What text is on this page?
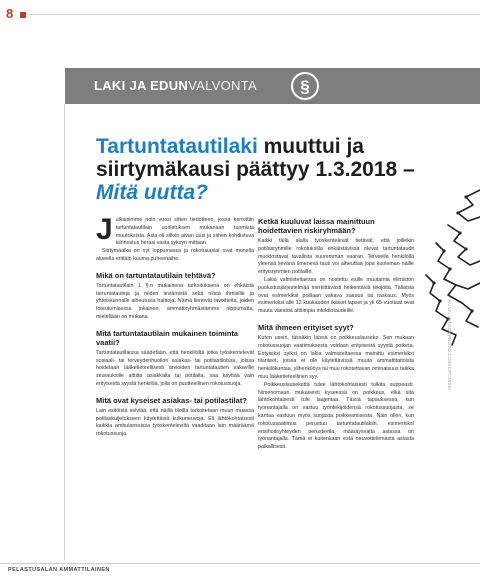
8
LAKI JA EDUNVALVONTA	§
Tartuntatautilaki muuttui ja siirtymäkausi päättyy 1.3.2018 – Mitä uutta?

Julkaisimme noin vuosi sitten tiedotteen, jossa kerrottiin tartuntatautilain uudistuksen mukanaan tuomista muutoksista. Asia oli silloin aivan uusi ja siihen kohdistuva kiinnostus herasi vasta syksyn mittaan.

Siirtymäaika on nyt loppumassa ja rokotusasiat ovat monella alueella erittäin kuuma puheenaihe.

Mikä on tartuntatautilain tehtävä?

Tartuntatautilain 1 §:n mukaisena tarkoituksena on ehkäistä tartuntatauteja ja niiden leviämistä sekä niistä ihmisille ja yhteiskunnalle aiheutuvia haittoja. Nämä lienevät tavoitteita, joiden toteutumisessa jokainen, ammattiryhmästämme riippumatta, mielellään on mukana.

Mitä tartuntatautilain mukainen toiminta vaatii?

Tartuntatautilaissa säädetään, että henkilöiltä jotka työskentelevät sosiaali- tai terveydenhuollon asiakas- tai potilastiloissa, joissa hoidetaan lääketieteellisesti arvioiden tartuntatautien vakaville seurauksille alttiita asiakkaita tai potilaita, saa käyttää vain erityisestä syystä henkilöä, jolla on puutteellinen rokotussuoja.

Mitä ovat kyseiset asiakas- tai potilastilat?

Lain esitöistä selviää, että näillä tiloilla tarkoitetaan muun muassa potilaskuljetukseen käytettäviä kulkuneuvoja. Eli lähtökohtaisesti kaikkia ambulanssissa työskenteleviltä vaaditaan lain määräämä rokotussuoja.

Ketkä kuuluvat laissa mainittuun hoidettavien riskiryhmään?

Kaikki tällä alalla työskentelevät tietävät, että joillekin potilasryhmille rokotuksilla ehkäistävissä olevat tartuntataudit muodostavat tavallista suuremman vaaran. Terveellä henkilöllä yleensä lievänä ilmenevä tauti voi aiheuttaa jopa kuoleman näille erityisryhmien potilaille.

Lakia valmisteltaessa on nostettu esille muutamia elimistön puolustusjärjestelmää merkittävästi heikentäviä tekijöitä. Tällaisia ovat esimerkiksi potilaan vakava sairaus tai raskaus. Myös esimerkiksi alle 12 kuukauden ikäiset lapset ja yli 65-vuotiaat ovat muuta väestöä alttiimpia infektiotaudeille.

Mitä ihmeen erityiset syyt?

Kuten usein, tässäkin laissa on poikkeuslauseke. Sen mukaan rokotussuojan vaatimuksesta voidaan erityisestä syystä poiketa. Erityisiksi syiksi on lakia valmisteltaessa mainittu esimerkiksi tilanteet, joissa ei ole käytettävissä muuta ammattitaitoista henkilökuntaa, ylihenkilöys tai muu rokotettavan ominaisuus taikka muu lääketieteellinen syy.

Poikkeuslausekettä tulee lähtökohtaisesti tulkita suppeasti. Nimenomaan mukaisesti kyseessä on poikkeus, eikä sitä lähtökohtaisesti tule laajentaa. Tässä tapauksessa, kun työnantajalla on vastuu työntekijöidensä rokotussuojasta, se kantaa vastuun myös suojasta poikkeamisesta. Näin ollen, kun rokotussaatimus perustuu tartuntatautilakiin, esimerkiksi ensihoitoyhteyden perusteella, määräysvalta asiassa on työnantajalla. Tämä ei kuitenkaan estä neuvottelemasta asiasta paikallisesti.

KUVA: ISTOCKPHOTO.COM/LIPOWSKI
PELASTUSALAN AMMATTILAINEN
